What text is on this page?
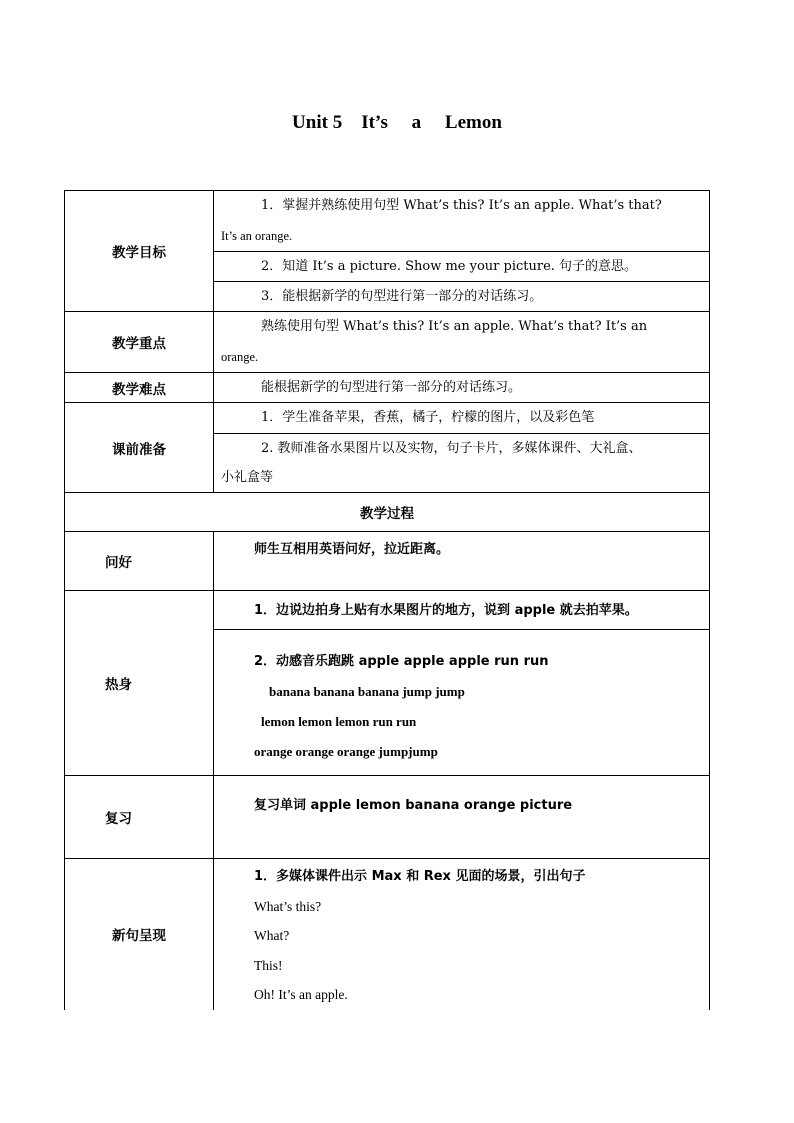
Unit 5    It’s     a     Lemon
教学目标	1．掌握并熟练使用句型 What’s this? It’s an apple. What’s that?
It’s an orange.

	2．知道 It’s a picture. Show me your picture. 句子的意思。

	3．能根据新学的句型进行第一部分的对话练习。

教学重点	熟练使用句型 What’s this? It’s an apple. What’s that? It’s an
orange.

教学难点	能根据新学的句型进行第一部分的对话练习。

课前准备	1．学生准备苹果，香蕉，橘子，柠檬的图片，以及彩色笔

	2. 教师准备水果图片以及实物，句子卡片，多媒体课件、大礼盒、
小礼盒等

教学过程	
问好	师生互相用英语问好，拉近距离。

热身	1．边说边拍身上贴有水果图片的地方，说到 apple 就去拍苹果。

	2．动感音乐跑跳 apple apple apple run run
banana banana banana jump jump
lemon lemon lemon run run
orange orange orange jumpjump

复习	复习单词 apple lemon banana orange picture

新句呈现	1．多媒体课件出示 Max 和 Rex 见面的场景，引出句子
What’s this?
What?
This!
Oh! It’s an apple.
